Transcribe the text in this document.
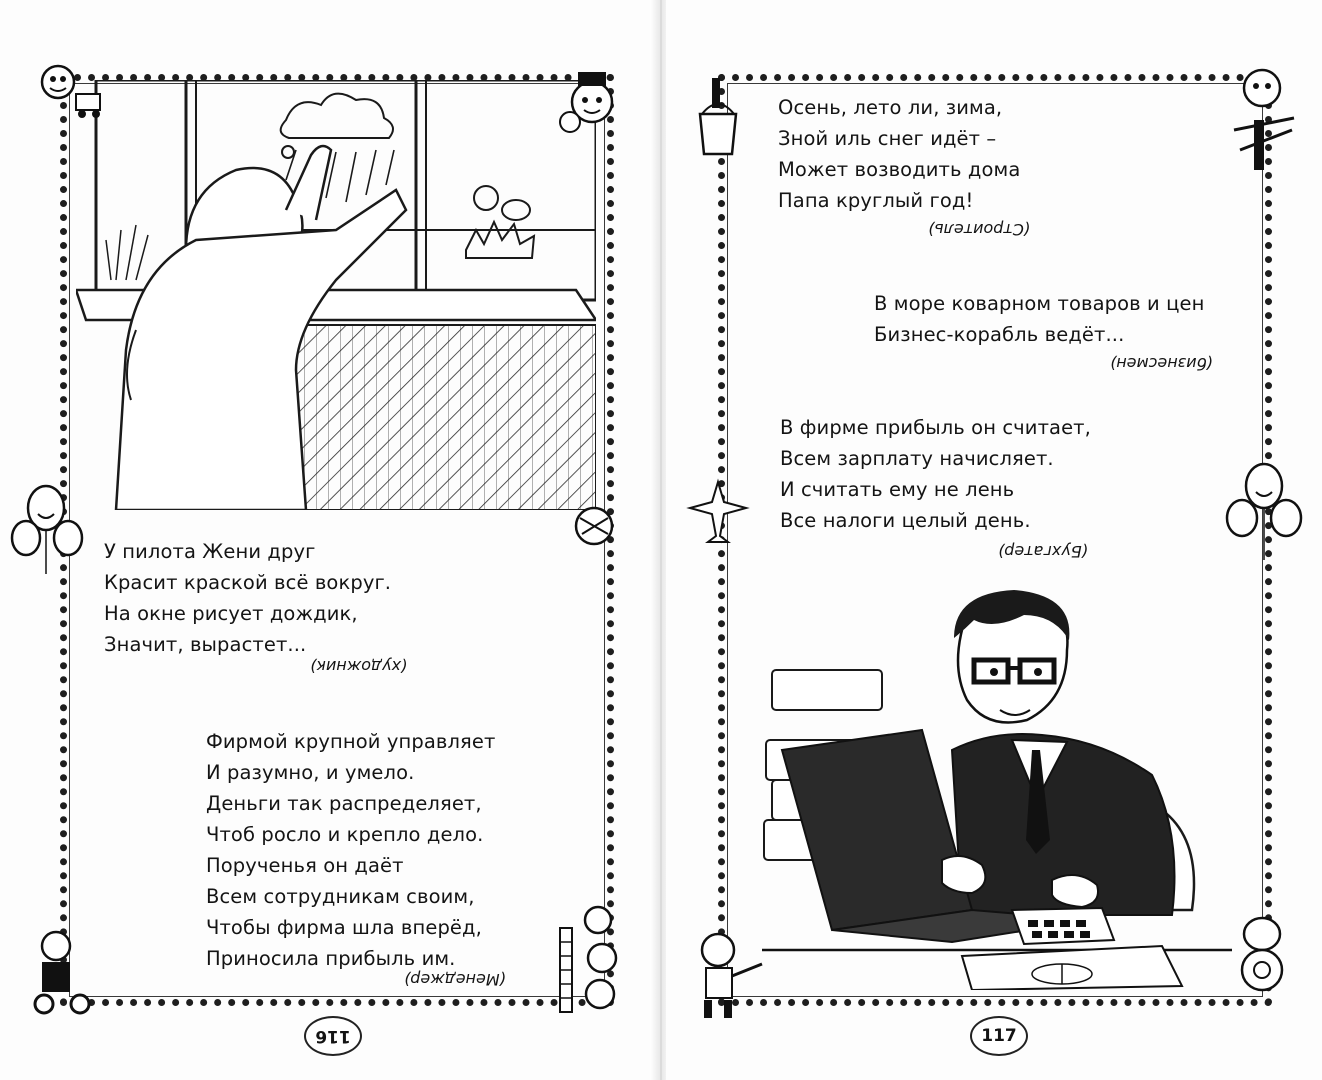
У пилота Жени друг
Красит краской всё вокруг.
На окне рисует дождик,
Значит, вырастет...
(художник)
Фирмой крупной управляет
И разумно, и умело.
Деньги так распределяет,
Чтоб росло и крепло дело.
Порученья он даёт
Всем сотрудникам своим,
Чтобы фирма шла вперёд,
Приносила прибыль им.
(Менеджер)
116
Осень, лето ли, зима,
Зной иль снег идёт –
Может возводить дома
Папа круглый год!
(Строитель)
В море коварном товаров и цен
Бизнес-корабль ведёт...
(бизнесмен)
В фирме прибыль он считает,
Всем зарплату начисляет.
И считать ему не лень
Все налоги целый день.
(Бухгатер)
117
